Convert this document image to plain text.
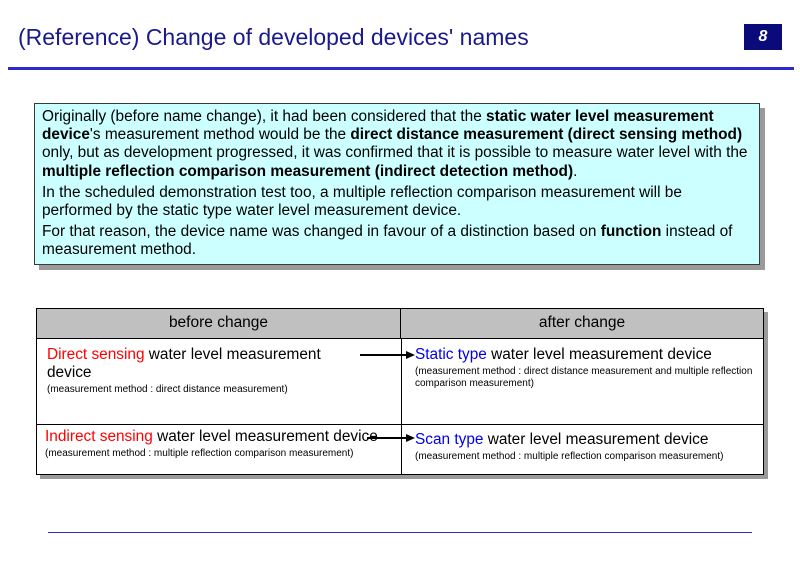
(Reference) Change of developed devices' names	8

Originally (before name change), it had been considered that the static water level measurement device's measurement method would be the direct distance measurement (direct sensing method) only, but as development progressed, it was confirmed that it is possible to measure water level with the multiple reflection comparison measurement (indirect detection method).

In the scheduled demonstration test too, a multiple reflection comparison measurement will be performed by the static type water level measurement device.

For that reason, the device name was changed in favour of a distinction based on function instead of measurement method.

before change	after change
Direct sensing water level measurement device
(measurement method : direct distance measurement)
Static type water level measurement device
(measurement method : direct distance measurement and multiple reflection comparison measurement)
Indirect sensing water level measurement device
(measurement method : multiple reflection comparison measurement)
Scan type water level measurement device
(measurement method : multiple reflection comparison measurement)
